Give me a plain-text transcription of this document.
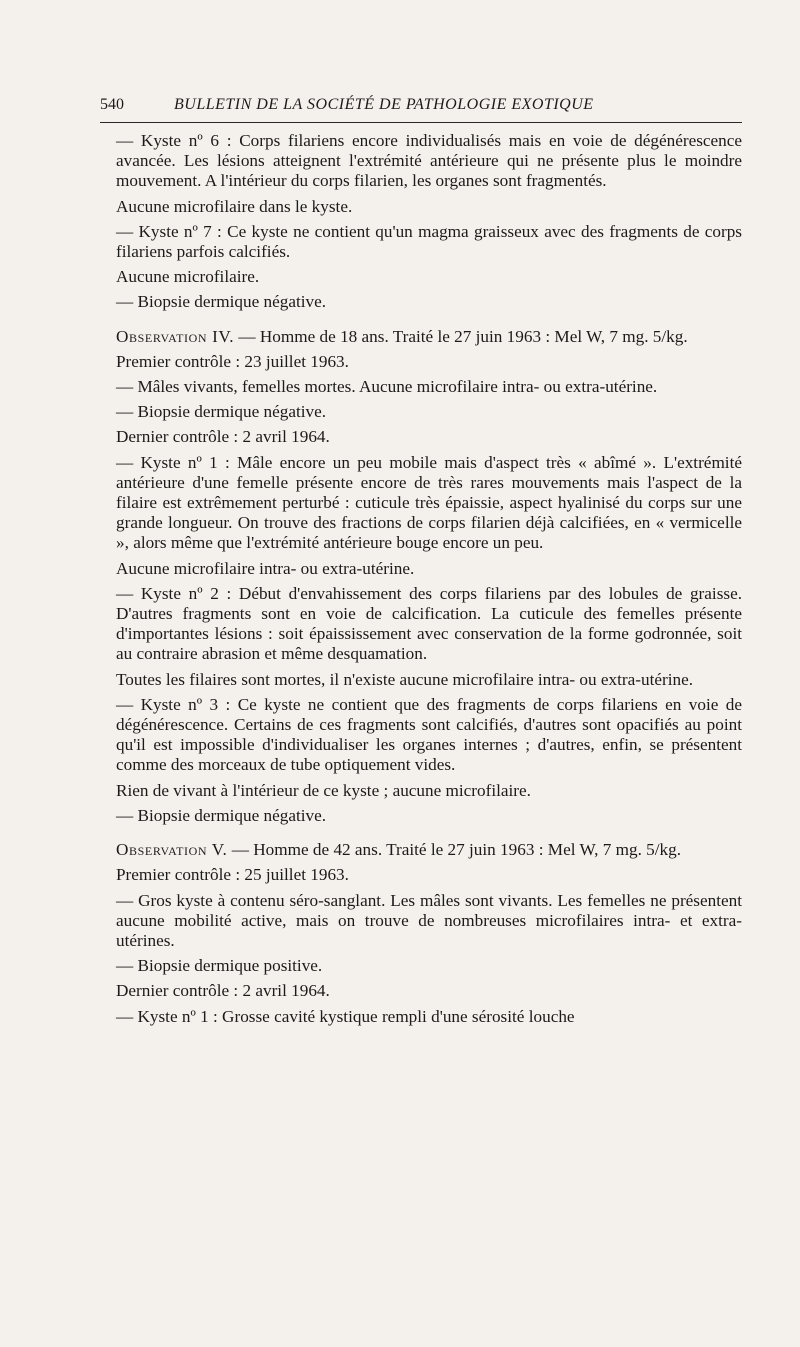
540	BULLETIN DE LA SOCIÉTÉ DE PATHOLOGIE EXOTIQUE

— Kyste nº 6 : Corps filariens encore individualisés mais en voie de dégénérescence avancée. Les lésions atteignent l'extrémité antérieure qui ne présente plus le moindre mouvement. A l'intérieur du corps filarien, les organes sont fragmentés.

Aucune microfilaire dans le kyste.

— Kyste nº 7 : Ce kyste ne contient qu'un magma graisseux avec des fragments de corps filariens parfois calcifiés.

Aucune microfilaire.

— Biopsie dermique négative.

Observation IV. — Homme de 18 ans. Traité le 27 juin 1963 : Mel W, 7 mg. 5/kg.

Premier contrôle : 23 juillet 1963.

— Mâles vivants, femelles mortes. Aucune microfilaire intra- ou extra-utérine.

— Biopsie dermique négative.

Dernier contrôle : 2 avril 1964.

— Kyste nº 1 : Mâle encore un peu mobile mais d'aspect très « abîmé ». L'extrémité antérieure d'une femelle présente encore de très rares mouvements mais l'aspect de la filaire est extrêmement perturbé : cuticule très épaissie, aspect hyalinisé du corps sur une grande longueur. On trouve des fractions de corps filarien déjà calcifiées, en « vermicelle », alors même que l'extrémité antérieure bouge encore un peu.

Aucune microfilaire intra- ou extra-utérine.

— Kyste nº 2 : Début d'envahissement des corps filariens par des lobules de graisse. D'autres fragments sont en voie de calcification. La cuticule des femelles présente d'importantes lésions : soit épaississement avec conservation de la forme godronnée, soit au contraire abrasion et même desquamation.

Toutes les filaires sont mortes, il n'existe aucune microfilaire intra- ou extra-utérine.

— Kyste nº 3 : Ce kyste ne contient que des fragments de corps filariens en voie de dégénérescence. Certains de ces fragments sont calcifiés, d'autres sont opacifiés au point qu'il est impossible d'individualiser les organes internes ; d'autres, enfin, se présentent comme des morceaux de tube optiquement vides.

Rien de vivant à l'intérieur de ce kyste ; aucune microfilaire.

— Biopsie dermique négative.

Observation V. — Homme de 42 ans. Traité le 27 juin 1963 : Mel W, 7 mg. 5/kg.

Premier contrôle : 25 juillet 1963.

— Gros kyste à contenu séro-sanglant. Les mâles sont vivants. Les femelles ne présentent aucune mobilité active, mais on trouve de nombreuses microfilaires intra- et extra-utérines.

— Biopsie dermique positive.

Dernier contrôle : 2 avril 1964.

— Kyste nº 1 : Grosse cavité kystique rempli d'une sérosité louche
